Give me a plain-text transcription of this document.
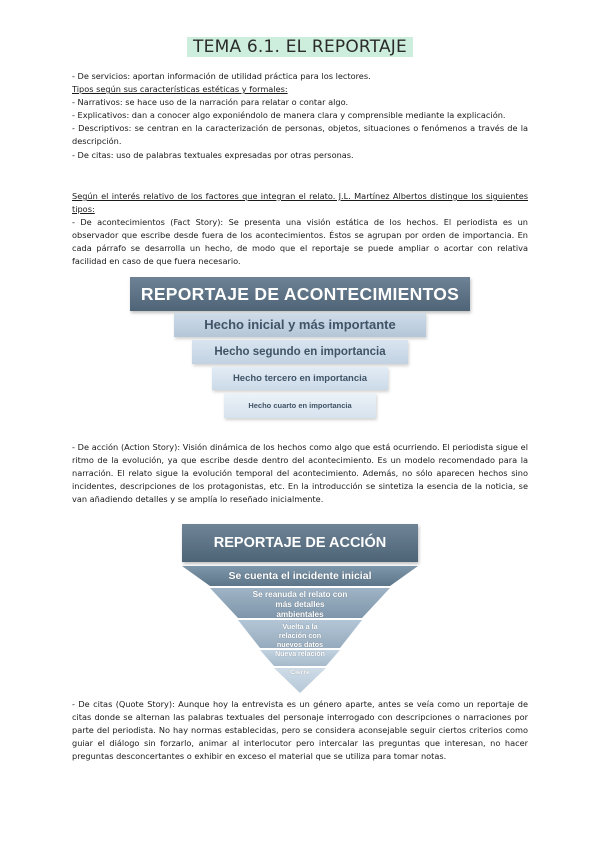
TEMA 6.1. EL REPORTAJE

- De servicios: aportan información de utilidad práctica para los lectores.

Tipos según sus características estéticas y formales:

- Narrativos: se hace uso de la narración para relatar o contar algo.

- Explicativos: dan a conocer algo exponiéndolo de manera clara y comprensible mediante la explicación.

- Descriptivos: se centran en la caracterización de personas, objetos, situaciones o fenómenos a través de la descripción.

- De citas: uso de palabras textuales expresadas por otras personas.

Según el interés relativo de los factores que integran el relato. J.L. Martínez Albertos distingue los siguientes tipos:

- De acontecimientos (Fact Story): Se presenta una visión estática de los hechos. El periodista es un observador que escribe desde fuera de los acontecimientos. Éstos se agrupan por orden de importancia. En cada párrafo se desarrolla un hecho, de modo que el reportaje se puede ampliar o acortar con relativa facilidad en caso de que fuera necesario.

REPORTAJE DE ACONTECIMIENTOS
Hecho inicial y más importante
Hecho segundo en importancia
Hecho tercero en importancia
Hecho cuarto en importancia

- De acción (Action Story): Visión dinámica de los hechos como algo que está ocurriendo. El periodista sigue el ritmo de la evolución, ya que escribe desde dentro del acontecimiento. Es un modelo recomendado para la narración. El relato sigue la evolución temporal del acontecimiento. Además, no sólo aparecen hechos sino incidentes, descripciones de los protagonistas, etc. En la introducción se sintetiza la esencia de la noticia, se van añadiendo detalles y se amplía lo reseñado inicialmente.

REPORTAJE DE ACCIÓN
Se cuenta el incidente inicial
Se reanuda el relato con más detalles ambientales
Vuelta a la relación con nuevos datos
Nueva relación
Cierre

- De citas (Quote Story): Aunque hoy la entrevista es un género aparte, antes se veía como un reportaje de citas donde se alternan las palabras textuales del personaje interrogado con descripciones o narraciones por parte del periodista. No hay normas establecidas, pero se considera aconsejable seguir ciertos criterios como guiar el diálogo sin forzarlo, animar al interlocutor pero intercalar las preguntas que interesan, no hacer preguntas desconcertantes o exhibir en exceso el material que se utiliza para tomar notas.
